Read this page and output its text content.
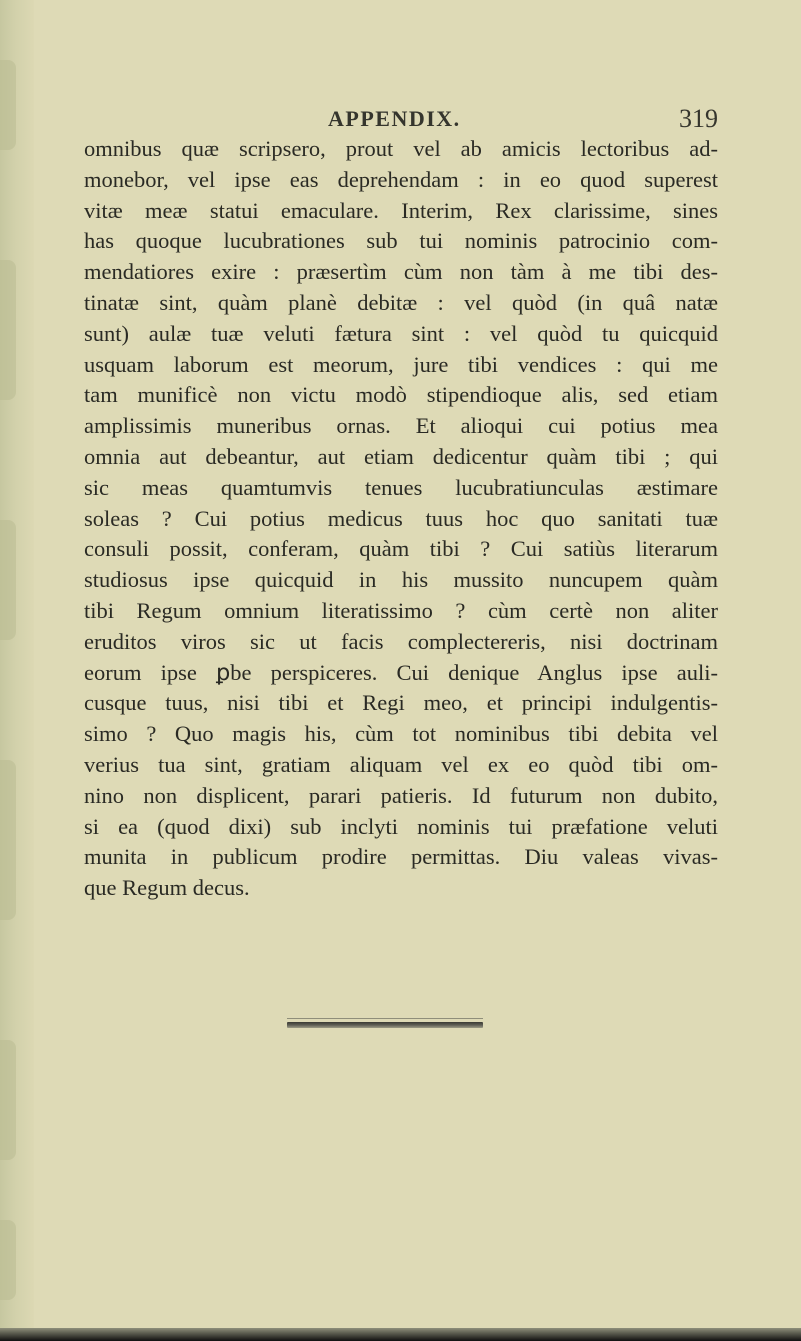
APPENDIX.	319
omnibus quæ scripsero, prout vel ab amicis lectoribus ad-
monebor, vel ipse eas deprehendam : in eo quod superest
vitæ meæ statui emaculare. Interim, Rex clarissime, sines
has quoque lucubrationes sub tui nominis patrocinio com-
mendatiores exire : præsertìm cùm non tàm à me tibi des-
tinatæ sint, quàm planè debitæ : vel quòd (in quâ natæ
sunt) aulæ tuæ veluti fætura sint : vel quòd tu quicquid
usquam laborum est meorum, jure tibi vendices : qui me
tam munificè non victu modò stipendioque alis, sed etiam
amplissimis muneribus ornas. Et alioqui cui potius mea
omnia aut debeantur, aut etiam dedicentur quàm tibi ; qui
sic meas quamtumvis tenues lucubratiunculas æstimare
soleas ? Cui potius medicus tuus hoc quo sanitati tuæ
consuli possit, conferam, quàm tibi ? Cui satiùs literarum
studiosus ipse quicquid in his mussito nuncupem quàm
tibi Regum omnium literatissimo ? cùm certè non aliter
eruditos viros sic ut facis complectereris, nisi doctrinam
eorum ipse ꝑbe perspiceres. Cui denique Anglus ipse auli-
cusque tuus, nisi tibi et Regi meo, et principi indulgentis-
simo ? Quo magis his, cùm tot nominibus tibi debita vel
verius tua sint, gratiam aliquam vel ex eo quòd tibi om-
nino non displicent, parari patieris. Id futurum non dubito,
si ea (quod dixi) sub inclyti nominis tui præfatione veluti
munita in publicum prodire permittas. Diu valeas vivas-
que Regum decus.
